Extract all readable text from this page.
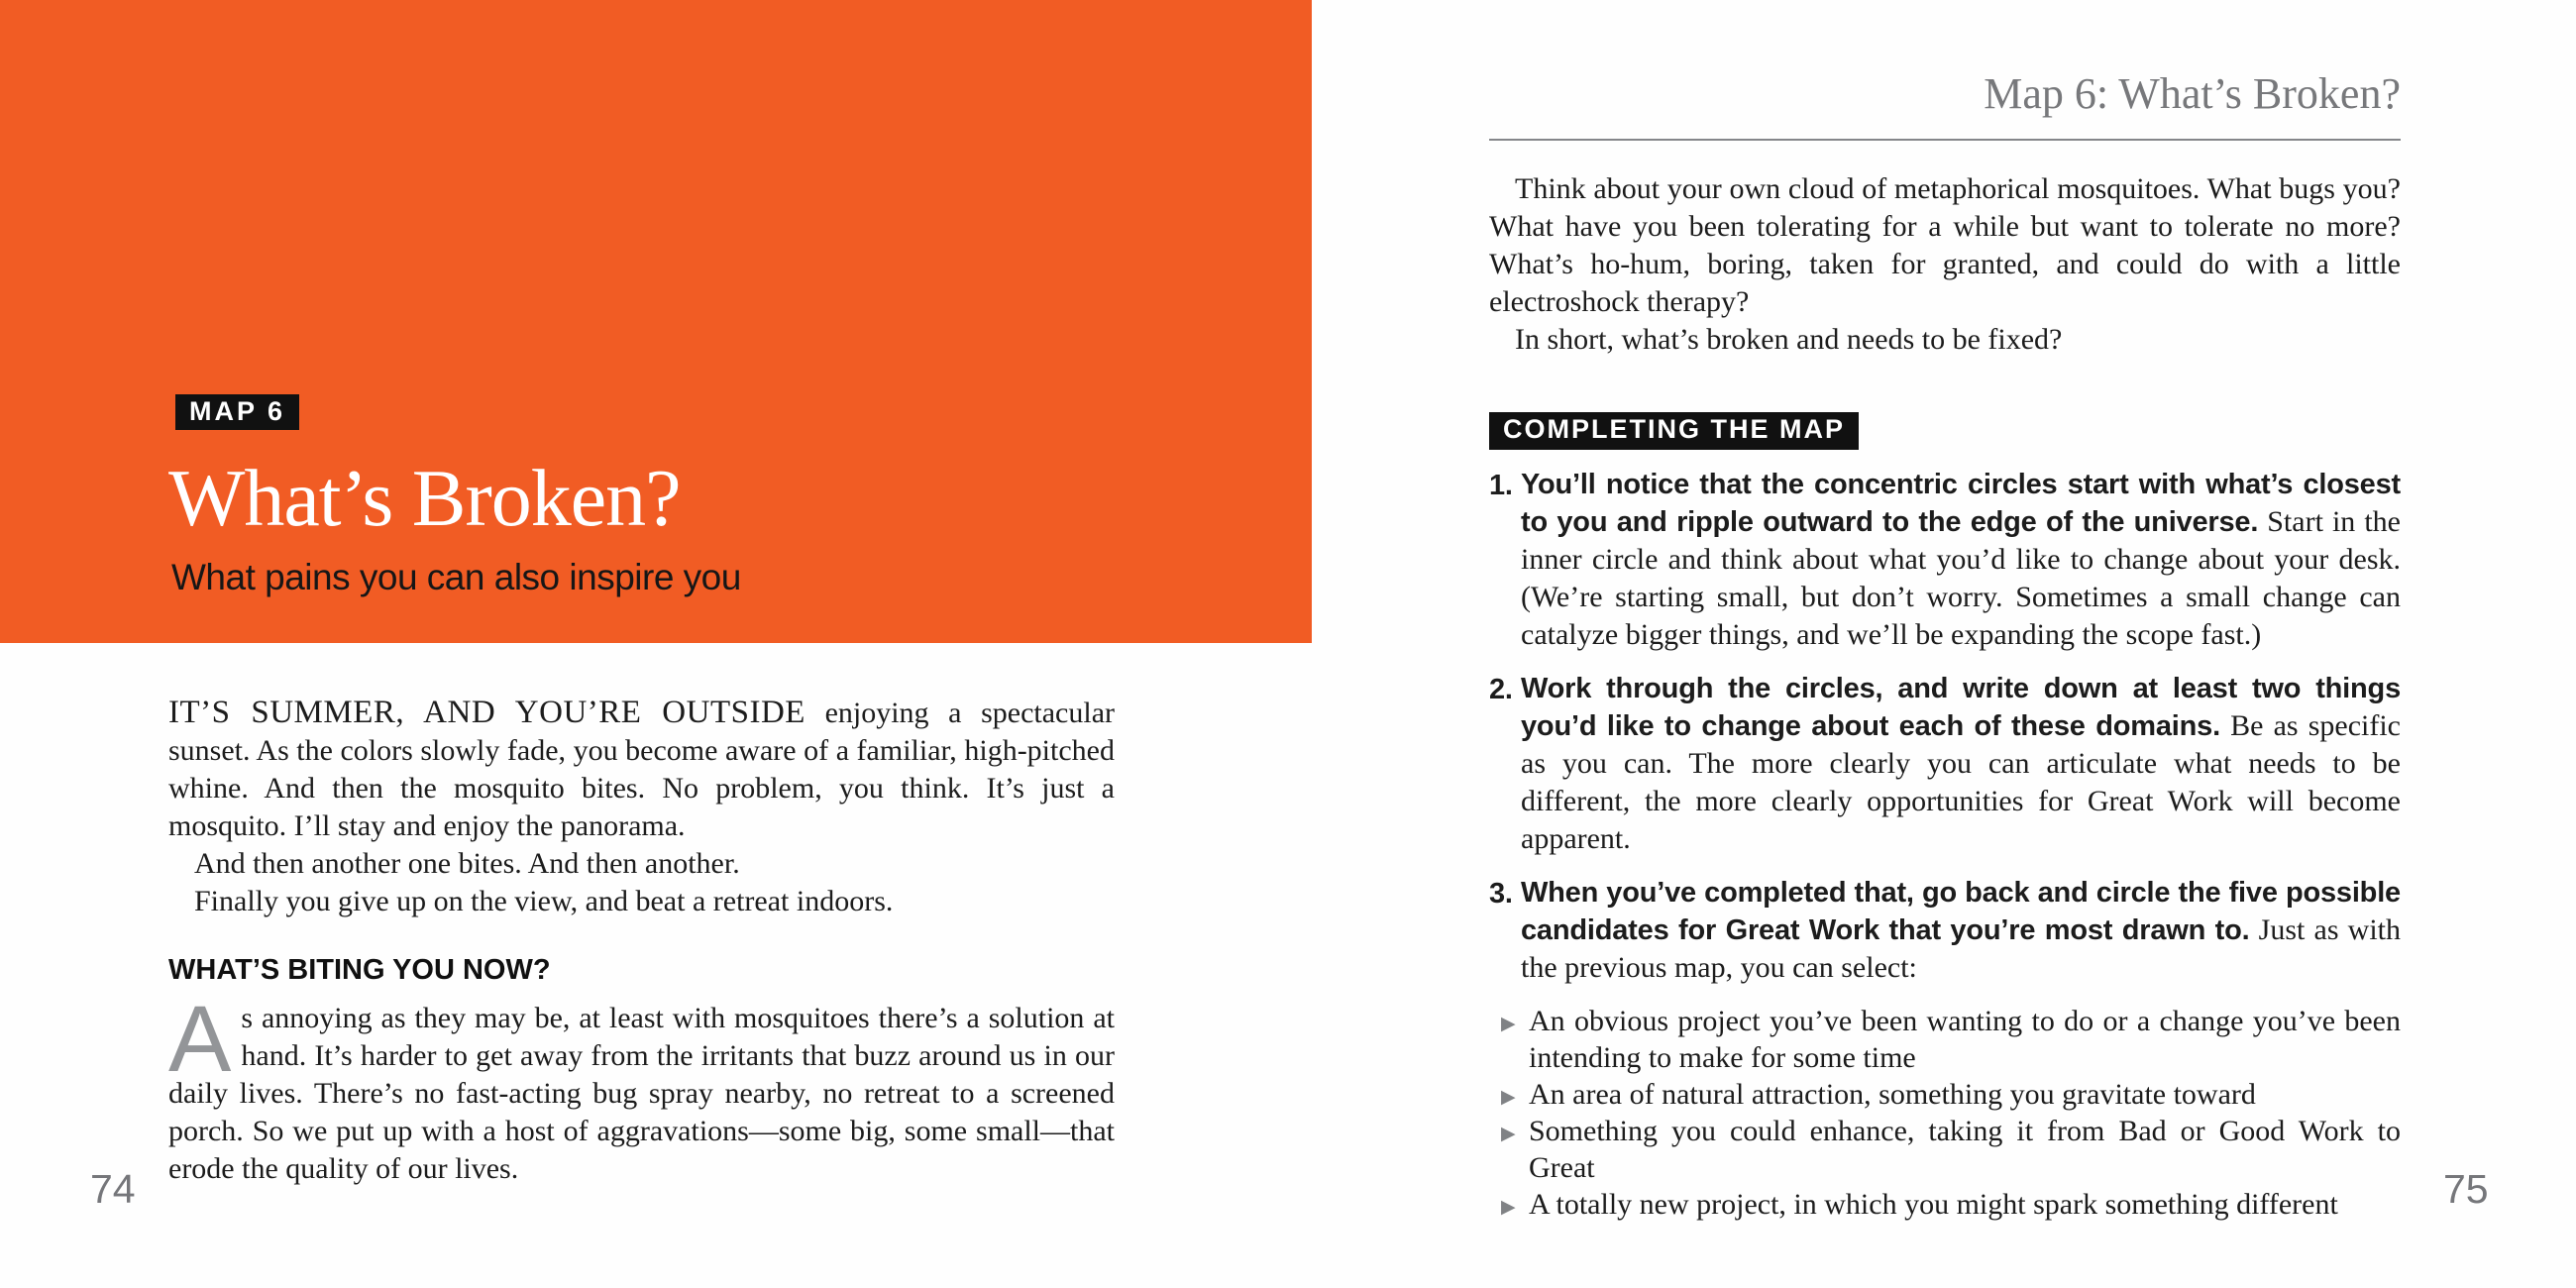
MAP 6
What’s Broken?
What pains you can also inspire you

IT’S SUMMER, AND YOU’RE OUTSIDE enjoying a spectacular sunset. As the colors slowly fade, you become aware of a familiar, high-pitched whine. And then the mosquito bites. No problem, you think. It’s just a mosquito. I’ll stay and enjoy the panorama.

And then another one bites. And then another.

Finally you give up on the view, and beat a retreat indoors.

WHAT’S BITING YOU NOW?

As annoying as they may be, at least with mosquitoes there’s a solution at hand. It’s harder to get away from the irritants that buzz around us in our daily lives. There’s no fast-acting bug spray nearby, no retreat to a screened porch. So we put up with a host of aggravations—some big, some small—that erode the quality of our lives.

74
Map 6: What’s Broken?

Think about your own cloud of metaphorical mosquitoes. What bugs you? What have you been tolerating for a while but want to tolerate no more? What’s ho-hum, boring, taken for granted, and could do with a little electroshock therapy?

In short, what’s broken and needs to be fixed?

COMPLETING THE MAP
1. You’ll notice that the concentric circles start with what’s closest to you and ripple outward to the edge of the universe. Start in the inner circle and think about what you’d like to change about your desk. (We’re starting small, but don’t worry. Sometimes a small change can catalyze bigger things, and we’ll be expanding the scope fast.)
2. Work through the circles, and write down at least two things you’d like to change about each of these domains. Be as specific as you can. The more clearly you can articulate what needs to be different, the more clearly opportunities for Great Work will become apparent.
3. When you’ve completed that, go back and circle the five possible candidates for Great Work that you’re most drawn to. Just as with the previous map, you can select:
▶ An obvious project you’ve been wanting to do or a change you’ve been intending to make for some time
▶ An area of natural attraction, something you gravitate toward
▶ Something you could enhance, taking it from Bad or Good Work to Great
▶ A totally new project, in which you might spark something different	75
